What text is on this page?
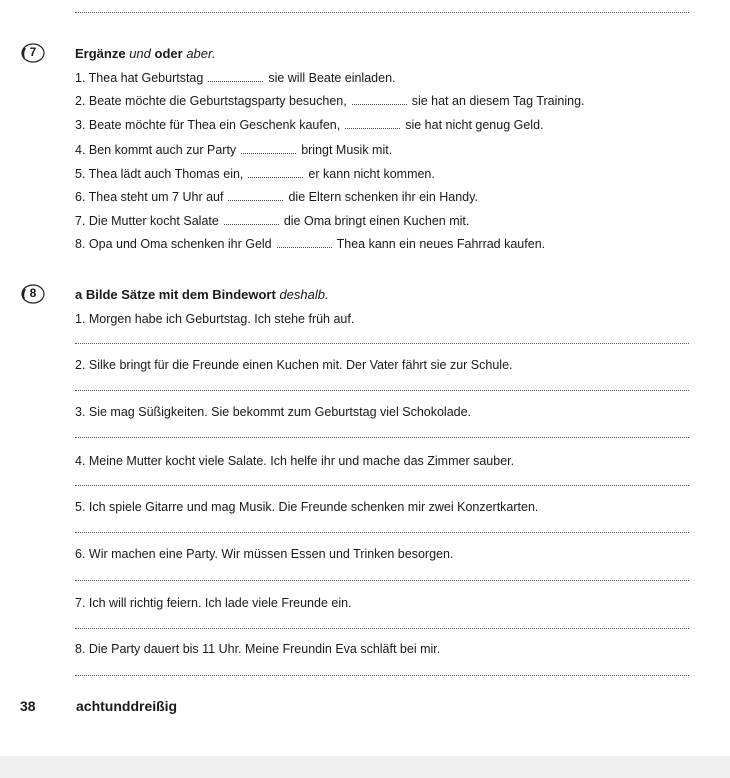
7	Ergänze und oder aber.
1. Thea hat Geburtstag	sie will Beate einladen.
2. Beate möchte die Geburtstagsparty besuchen,	sie hat an diesem Tag Training.
3. Beate möchte für Thea ein Geschenk kaufen,	sie hat nicht genug Geld.
4. Ben kommt auch zur Party	bringt Musik mit.
5. Thea lädt auch Thomas ein,	er kann nicht kommen.
6. Thea steht um 7 Uhr auf	die Eltern schenken ihr ein Handy.
7. Die Mutter kocht Salate	die Oma bringt einen Kuchen mit.
8. Opa und Oma schenken ihr Geld	Thea kann ein neues Fahrrad kaufen.
8	a Bilde Sätze mit dem Bindewort deshalb.
1. Morgen habe ich Geburtstag. Ich stehe früh auf.
2. Silke bringt für die Freunde einen Kuchen mit. Der Vater fährt sie zur Schule.
3. Sie mag Süßigkeiten. Sie bekommt zum Geburtstag viel Schokolade.
4. Meine Mutter kocht viele Salate. Ich helfe ihr und mache das Zimmer sauber.
5. Ich spiele Gitarre und mag Musik. Die Freunde schenken mir zwei Konzertkarten.
6. Wir machen eine Party. Wir müssen Essen und Trinken besorgen.
7. Ich will richtig feiern. Ich lade viele Freunde ein.
8. Die Party dauert bis 11 Uhr. Meine Freundin Eva schläft bei mir.
38	achtunddreißig
